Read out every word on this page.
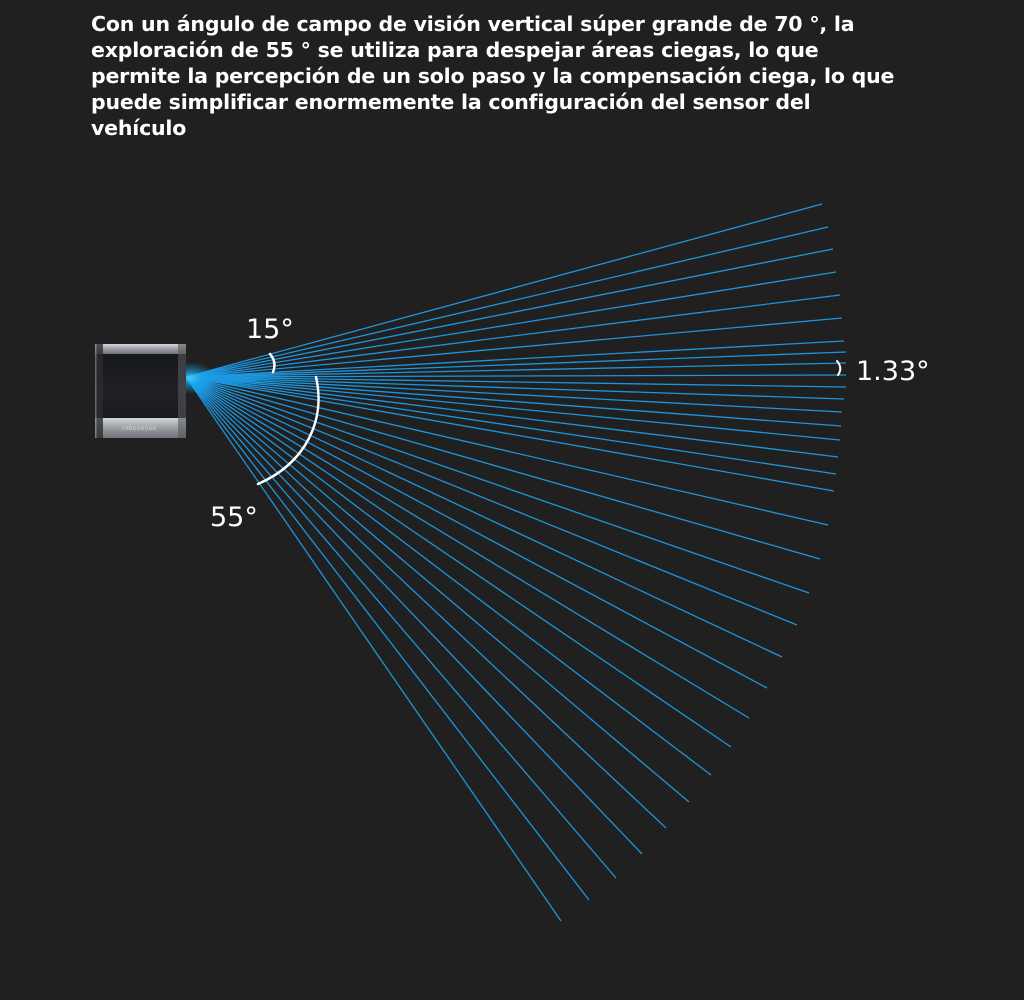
Con un ángulo de campo de visión vertical súper grande de 70 °, la exploración de 55 ° se utiliza para despejar áreas ciegas, lo que permite la percepción de un solo paso y la compensación ciega, lo que puede simplificar enormemente la configuración del sensor del vehículo

robosense
15°
55°
1.33°
